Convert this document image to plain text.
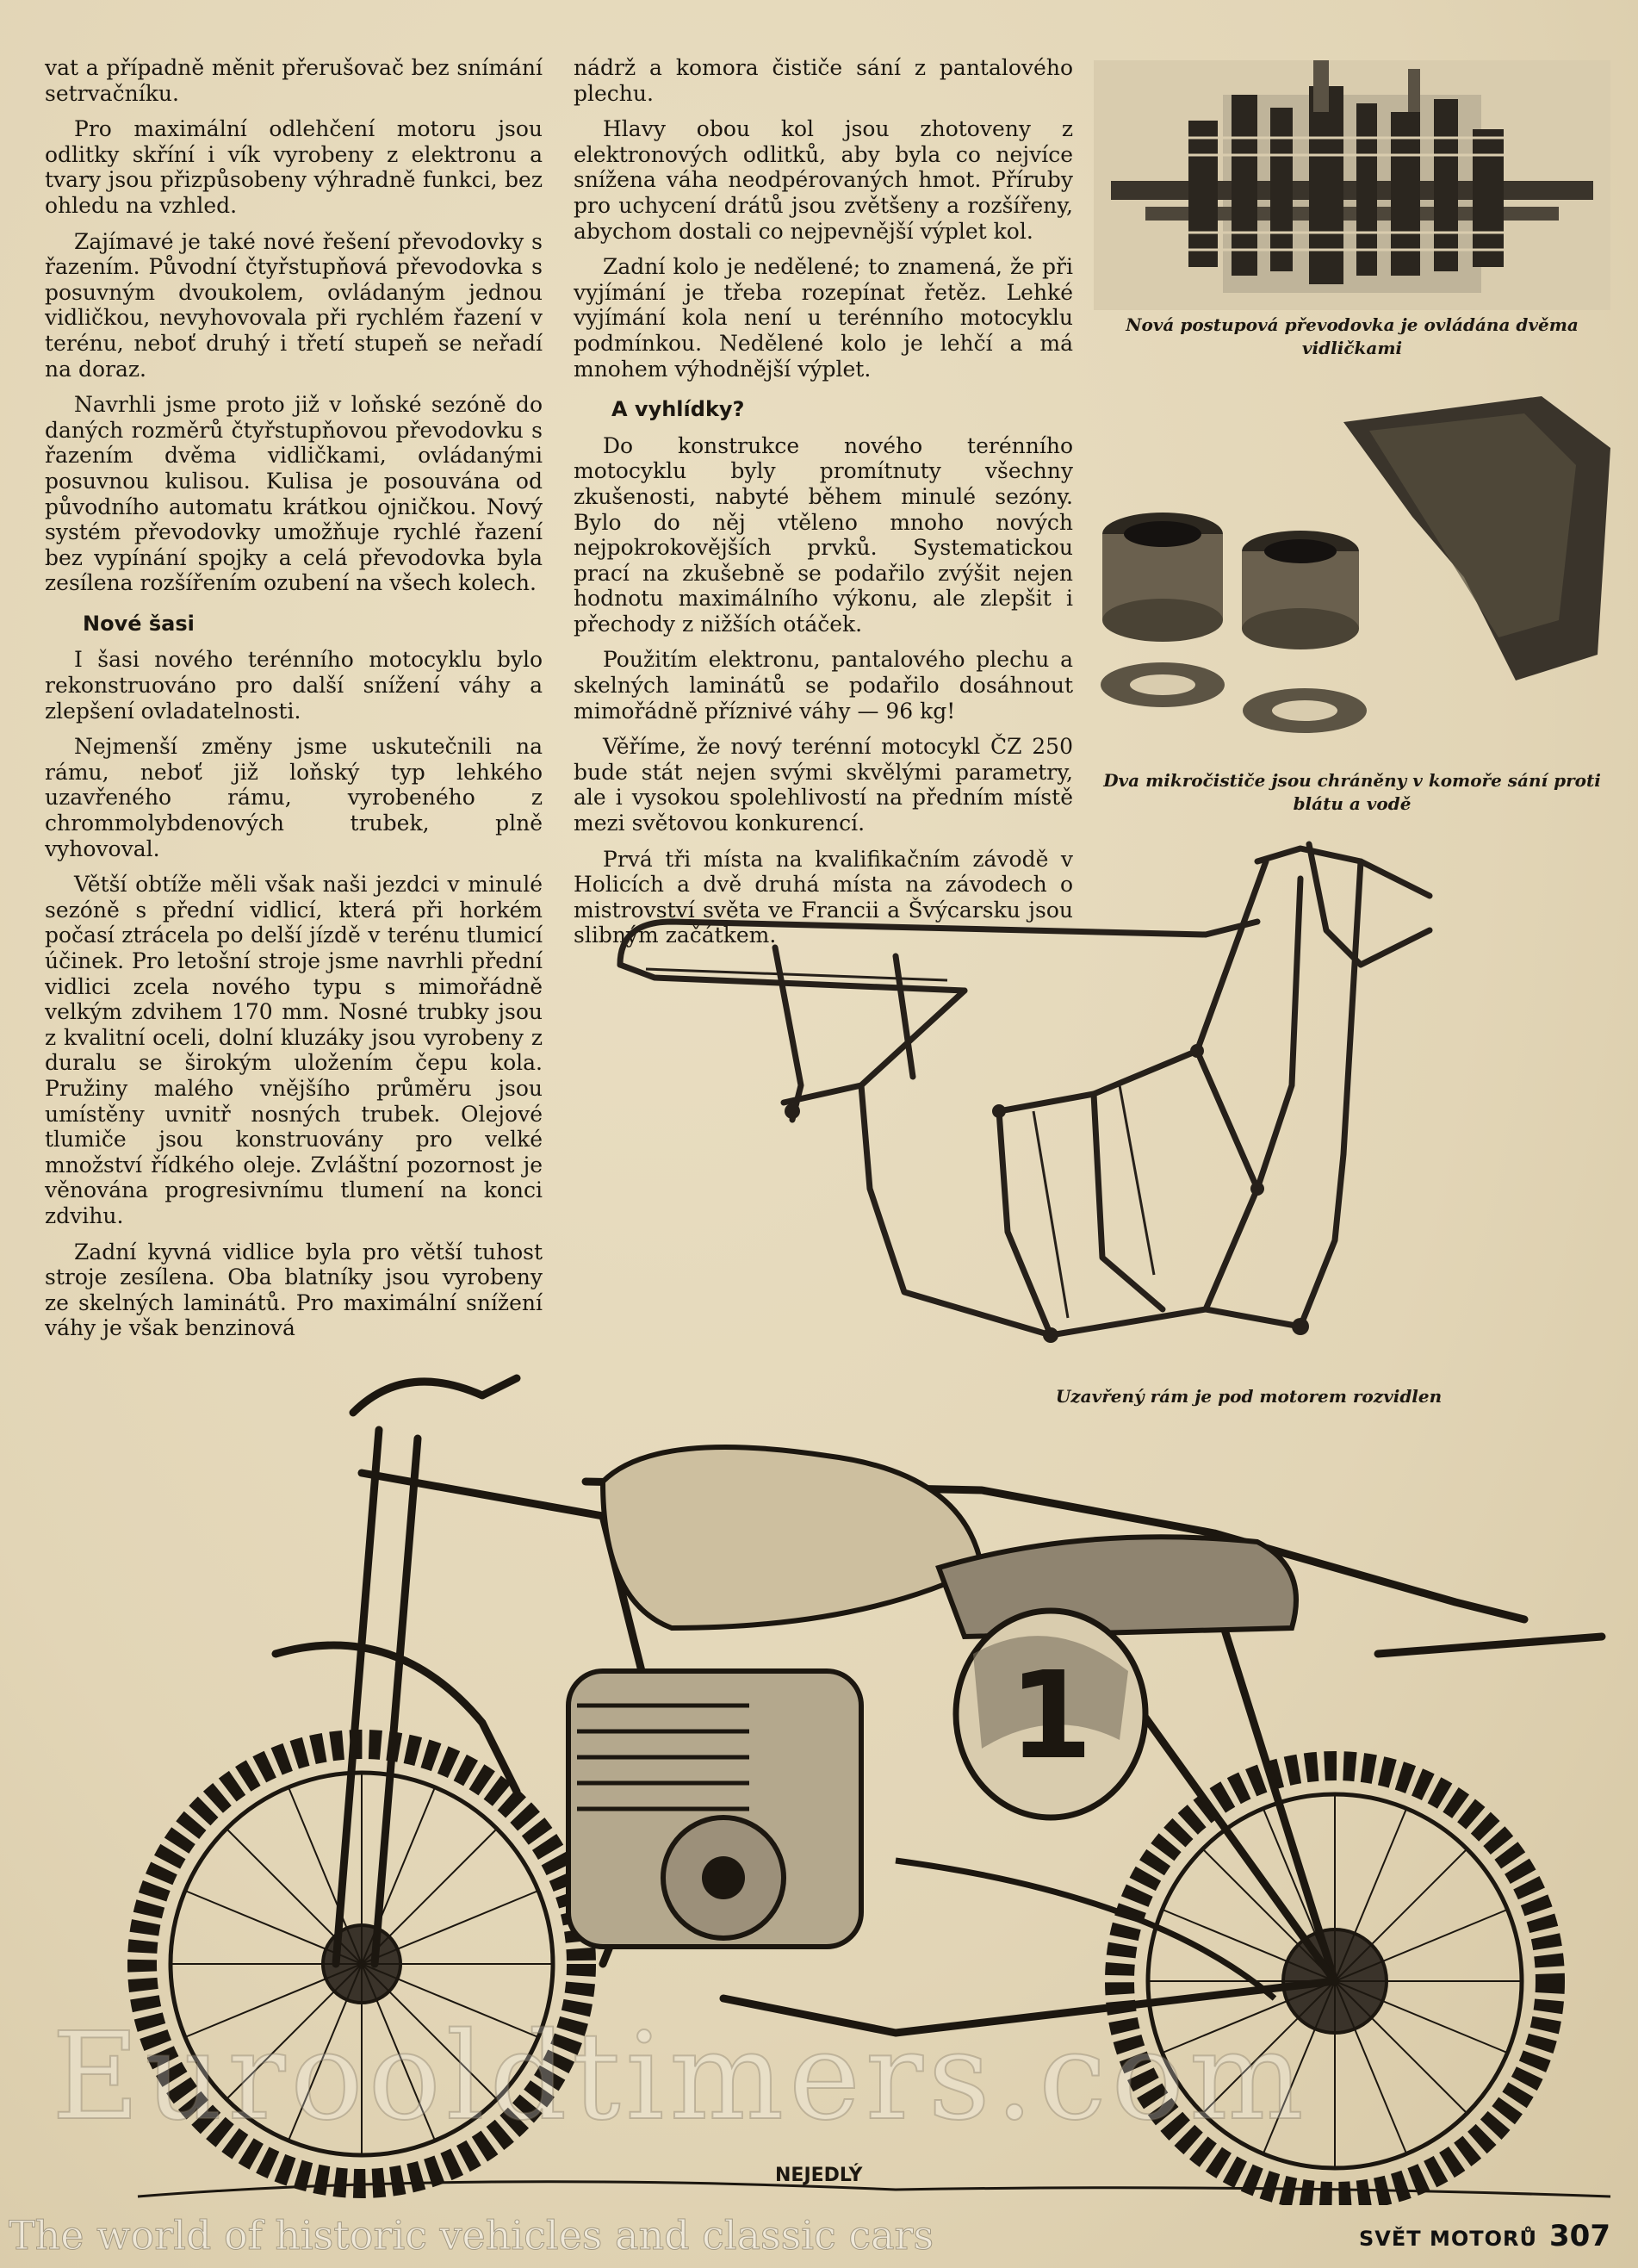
vat a případně měnit přerušovač bez snímání setrvačníku.

Pro maximální odlehčení motoru jsou odlitky skříní i vík vyrobeny z elektronu a tvary jsou přizpůsobeny výhradně funkci, bez ohledu na vzhled.

Zajímavé je také nové řešení převodovky s řazením. Původní čtyřstupňová převodovka s posuvným dvoukolem, ovládaným jednou vidličkou, nevyhovovala při rychlém řazení v terénu, neboť druhý i třetí stupeň se neřadí na doraz.

Navrhli jsme proto již v loňské sezóně do daných rozměrů čtyřstupňovou převodovku s řazením dvěma vidličkami, ovládanými posuvnou kulisou. Kulisa je posouvána od původního automatu krátkou ojničkou. Nový systém převodovky umožňuje rychlé řazení bez vypínání spojky a celá převodovka byla zesílena rozšířením ozubení na všech kolech.

Nové šasi

I šasi nového terénního motocyklu bylo rekonstruováno pro další snížení váhy a zlepšení ovladatelnosti.

Nejmenší změny jsme uskutečnili na rámu, neboť již loňský typ lehkého uzavřeného rámu, vyrobeného z chrommolybdenových trubek, plně vyhovoval.

Větší obtíže měli však naši jezdci v minulé sezóně s přední vidlicí, která při horkém počasí ztrácela po delší jízdě v terénu tlumicí účinek. Pro letošní stroje jsme navrhli přední vidlici zcela nového typu s mimořádně velkým zdvihem 170 mm. Nosné trubky jsou z kvalitní oceli, dolní kluzáky jsou vyrobeny z duralu se širokým uložením čepu kola. Pružiny malého vnějšího průměru jsou umístěny uvnitř nosných trubek. Olejové tlumiče jsou konstruovány pro velké množství řídkého oleje. Zvláštní pozornost je věnována progresivnímu tlumení na konci zdvihu.

Zadní kyvná vidlice byla pro větší tuhost stroje zesílena. Oba blatníky jsou vyrobeny ze skelných laminátů. Pro maximální snížení váhy je však benzinová

nádrž a komora čističe sání z pantalového plechu.

Hlavy obou kol jsou zhotoveny z elektronových odlitků, aby byla co nejvíce snížena váha neodpérovaných hmot. Příruby pro uchycení drátů jsou zvětšeny a rozšířeny, abychom dostali co nejpevnější výplet kol.

Zadní kolo je nedělené; to znamená, že při vyjímání je třeba rozepínat řetěz. Lehké vyjímání kola není u terénního motocyklu podmínkou. Nedělené kolo je lehčí a má mnohem výhodnější výplet.

A vyhlídky?

Do konstrukce nového terénního motocyklu byly promítnuty všechny zkušenosti, nabyté během minulé sezóny. Bylo do něj vtěleno mnoho nových nejpokrokovějších prvků. Systematickou prací na zkušebně se podařilo zvýšit nejen hodnotu maximálního výkonu, ale zlepšit i přechody z nižších otáček.

Použitím elektronu, pantalového plechu a skelných laminátů se podařilo dosáhnout mimořádně příznivé váhy — 96 kg!

Věříme, že nový terénní motocykl ČZ 250 bude stát nejen svými skvělými parametry, ale i vysokou spolehlivostí na předním místě mezi světovou konkurencí.

Prvá tři místa na kvalifikačním závodě v Holicích a dvě druhá místa na závodech o mistrovství světa ve Francii a Švýcarsku jsou slibným začátkem.

Nová postupová převodovka je ovládána dvěma vidličkami
Dva mikročističe jsou chráněny v komoře sání proti blátu a vodě
Uzavřený rám je pod motorem rozvidlen
1
NEJEDLÝ
Eurooldtimers.com
The world of historic vehicles and classic cars	SVĚT MOTORŮ 307
